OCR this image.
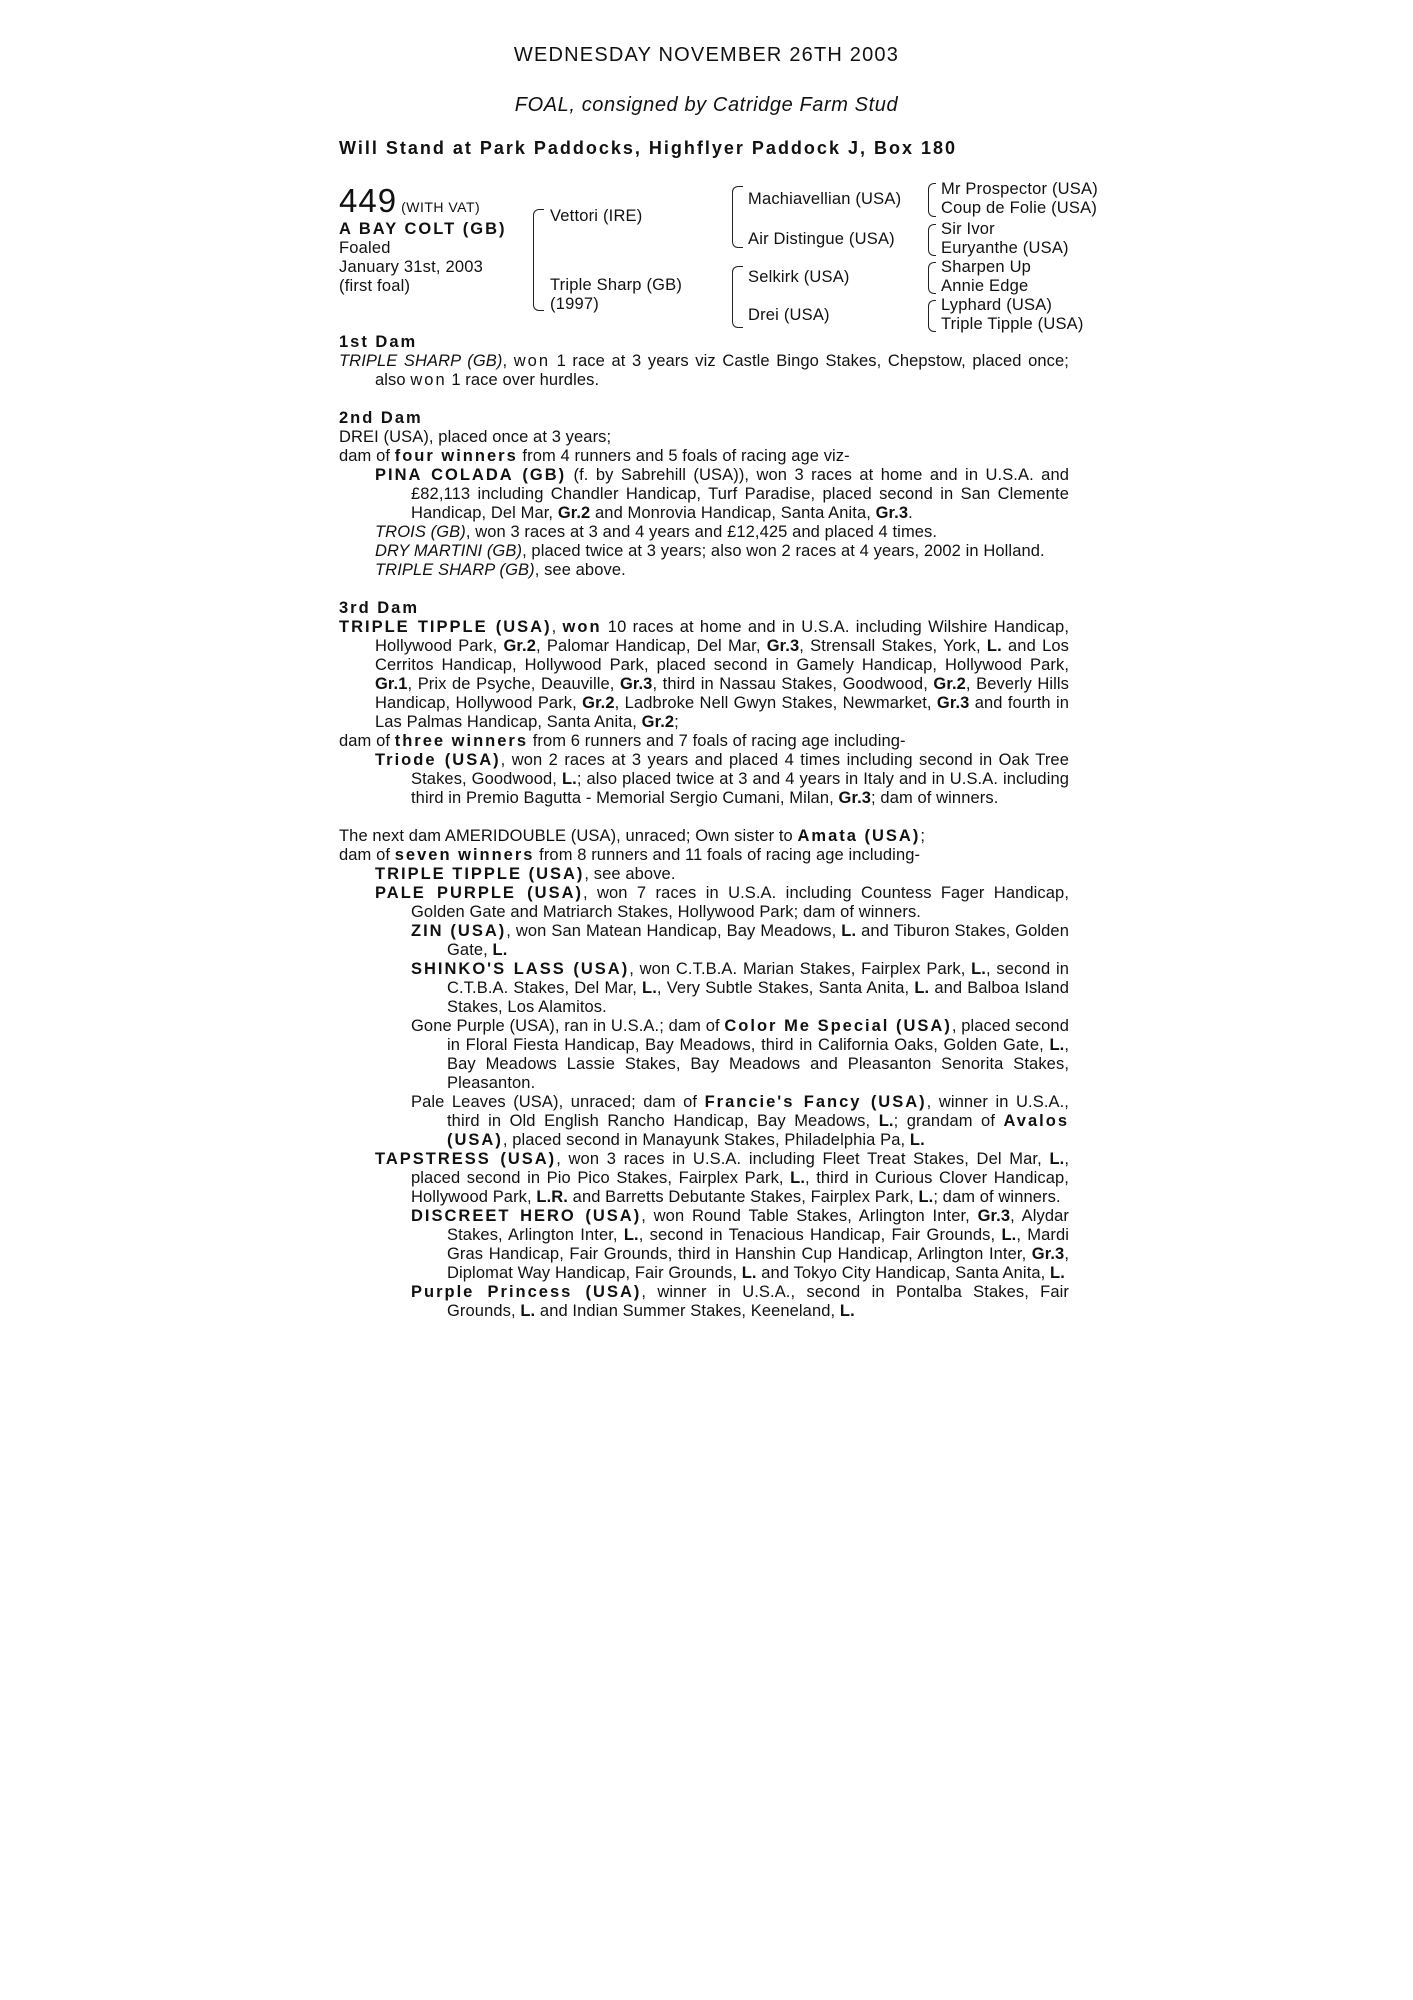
WEDNESDAY NOVEMBER 26TH 2003
FOAL, consigned by Catridge Farm Stud
Will Stand at Park Paddocks, Highflyer Paddock J, Box 180
449 (WITH VAT)
A BAY COLT (GB)
Foaled
January 31st, 2003
(first foal)
Vettori (IRE)
Triple Sharp (GB)
(1997)
Machiavellian (USA)
Air Distingue (USA)
Selkirk (USA)
Drei (USA)
Mr Prospector (USA)
Coup de Folie (USA)
Sir Ivor
Euryanthe (USA)
Sharpen Up
Annie Edge
Lyphard (USA)
Triple Tipple (USA)

1st Dam

TRIPLE SHARP (GB), won 1 race at 3 years viz Castle Bingo Stakes, Chepstow, placed once; also won 1 race over hurdles.

2nd Dam

DREI (USA), placed once at 3 years;

dam of four winners from 4 runners and 5 foals of racing age viz-

PINA COLADA (GB) (f. by Sabrehill (USA)), won 3 races at home and in U.S.A. and £82,113 including Chandler Handicap, Turf Paradise, placed second in San Clemente Handicap, Del Mar, Gr.2 and Monrovia Handicap, Santa Anita, Gr.3.

TROIS (GB), won 3 races at 3 and 4 years and £12,425 and placed 4 times.

DRY MARTINI (GB), placed twice at 3 years; also won 2 races at 4 years, 2002 in Holland.

TRIPLE SHARP (GB), see above.

3rd Dam

TRIPLE TIPPLE (USA), won 10 races at home and in U.S.A. including Wilshire Handicap, Hollywood Park, Gr.2, Palomar Handicap, Del Mar, Gr.3, Strensall Stakes, York, L. and Los Cerritos Handicap, Hollywood Park, placed second in Gamely Handicap, Hollywood Park, Gr.1, Prix de Psyche, Deauville, Gr.3, third in Nassau Stakes, Goodwood, Gr.2, Beverly Hills Handicap, Hollywood Park, Gr.2, Ladbroke Nell Gwyn Stakes, Newmarket, Gr.3 and fourth in Las Palmas Handicap, Santa Anita, Gr.2;

dam of three winners from 6 runners and 7 foals of racing age including-

Triode (USA), won 2 races at 3 years and placed 4 times including second in Oak Tree Stakes, Goodwood, L.; also placed twice at 3 and 4 years in Italy and in U.S.A. including third in Premio Bagutta - Memorial Sergio Cumani, Milan, Gr.3; dam of winners.

The next dam AMERIDOUBLE (USA), unraced; Own sister to Amata (USA);

dam of seven winners from 8 runners and 11 foals of racing age including-

TRIPLE TIPPLE (USA), see above.

PALE PURPLE (USA), won 7 races in U.S.A. including Countess Fager Handicap, Golden Gate and Matriarch Stakes, Hollywood Park; dam of winners.

ZIN (USA), won San Matean Handicap, Bay Meadows, L. and Tiburon Stakes, Golden Gate, L.

SHINKO'S LASS (USA), won C.T.B.A. Marian Stakes, Fairplex Park, L., second in C.T.B.A. Stakes, Del Mar, L., Very Subtle Stakes, Santa Anita, L. and Balboa Island Stakes, Los Alamitos.

Gone Purple (USA), ran in U.S.A.; dam of Color Me Special (USA), placed second in Floral Fiesta Handicap, Bay Meadows, third in California Oaks, Golden Gate, L., Bay Meadows Lassie Stakes, Bay Meadows and Pleasanton Senorita Stakes, Pleasanton.

Pale Leaves (USA), unraced; dam of Francie's Fancy (USA), winner in U.S.A., third in Old English Rancho Handicap, Bay Meadows, L.; grandam of Avalos (USA), placed second in Manayunk Stakes, Philadelphia Pa, L.

TAPSTRESS (USA), won 3 races in U.S.A. including Fleet Treat Stakes, Del Mar, L., placed second in Pio Pico Stakes, Fairplex Park, L., third in Curious Clover Handicap, Hollywood Park, L.R. and Barretts Debutante Stakes, Fairplex Park, L.; dam of winners.

DISCREET HERO (USA), won Round Table Stakes, Arlington Inter, Gr.3, Alydar Stakes, Arlington Inter, L., second in Tenacious Handicap, Fair Grounds, L., Mardi Gras Handicap, Fair Grounds, third in Hanshin Cup Handicap, Arlington Inter, Gr.3, Diplomat Way Handicap, Fair Grounds, L. and Tokyo City Handicap, Santa Anita, L.

Purple Princess (USA), winner in U.S.A., second in Pontalba Stakes, Fair Grounds, L. and Indian Summer Stakes, Keeneland, L.
